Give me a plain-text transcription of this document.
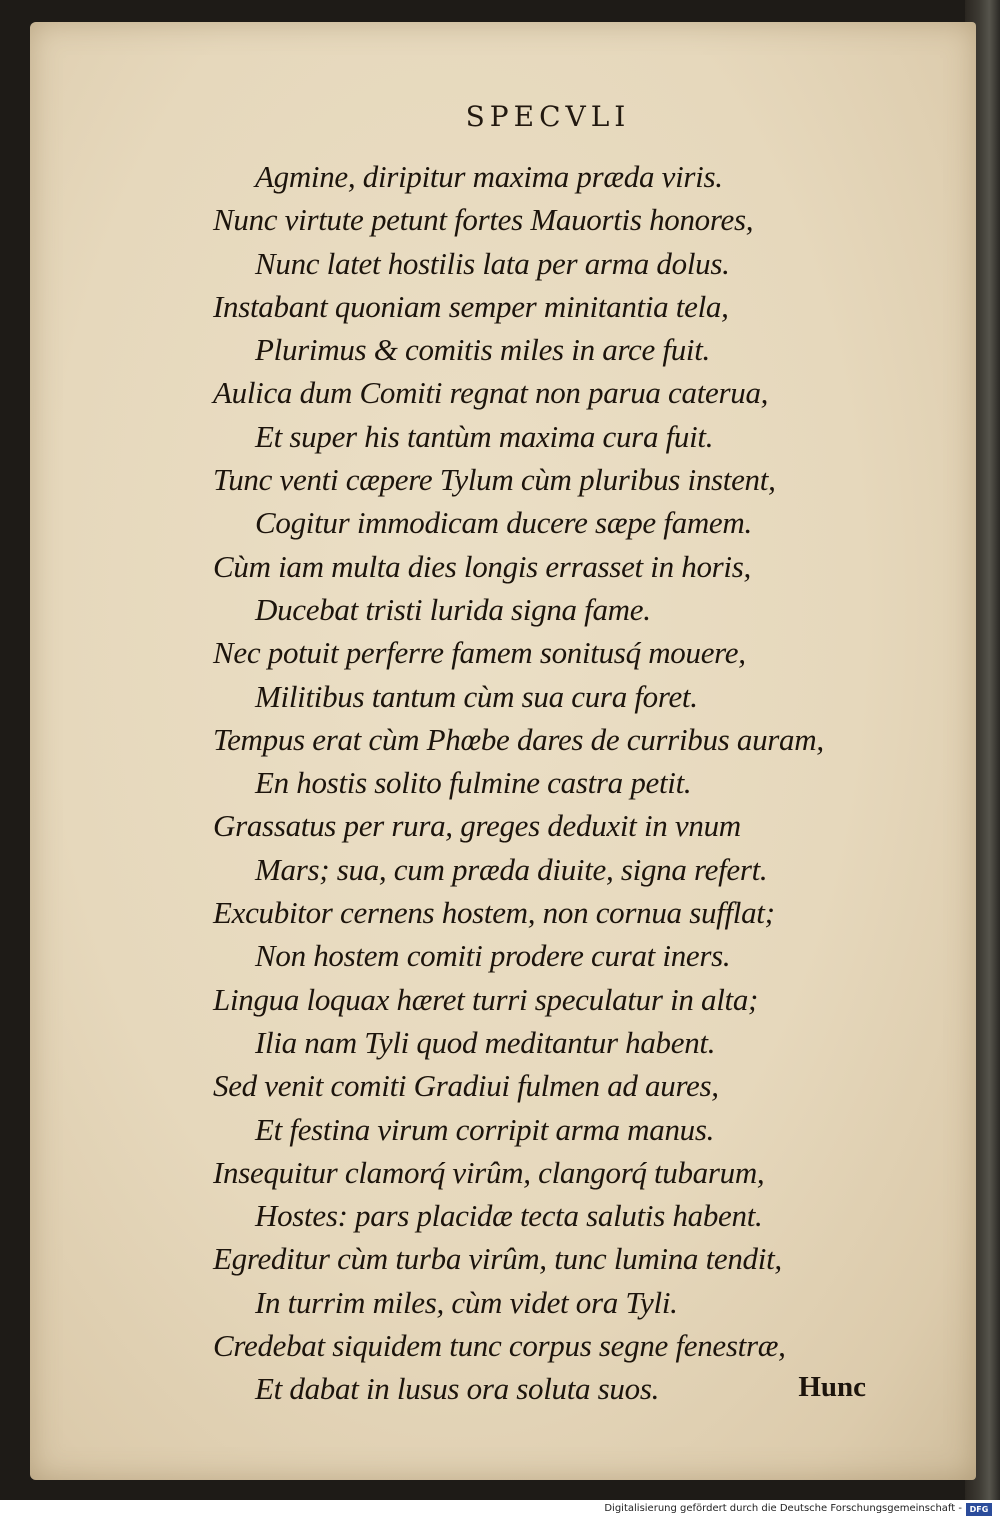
SPECVLI
Agmine, diripitur maxima præda viris.
Nunc virtute petunt fortes Mauortis honores,
Nunc latet hostilis lata per arma dolus.
Instabant quoniam semper minitantia tela,
Plurimus & comitis miles in arce fuit.
Aulica dum Comiti regnat non parua caterua,
Et super his tantùm maxima cura fuit.
Tunc venti cæpere Tylum cùm pluribus instent,
Cogitur immodicam ducere sæpe famem.
Cùm iam multa dies longis errasset in horis,
Ducebat tristi lurida signa fame.
Nec potuit perferre famem sonitusq́ mouere,
Militibus tantum cùm sua cura foret.
Tempus erat cùm Phœbe dares de curribus auram,
En hostis solito fulmine castra petit.
Grassatus per rura, greges deduxit in vnum
Mars; sua, cum præda diuite, signa refert.
Excubitor cernens hostem, non cornua sufflat;
Non hostem comiti prodere curat iners.
Lingua loquax hæret turri speculatur in alta;
Ilia nam Tyli quod meditantur habent.
Sed venit comiti Gradiui fulmen ad aures,
Et festina virum corripit arma manus.
Insequitur clamorq́ virûm, clangorq́ tubarum,
Hostes: pars placidæ tecta salutis habent.
Egreditur cùm turba virûm, tunc lumina tendit,
In turrim miles, cùm videt ora Tyli.
Credebat siquidem tunc corpus segne fenestræ,
Et dabat in lusus ora soluta suos.	Hunc
Digitalisierung gefördert durch die Deutsche Forschungsgemeinschaft - DFG
